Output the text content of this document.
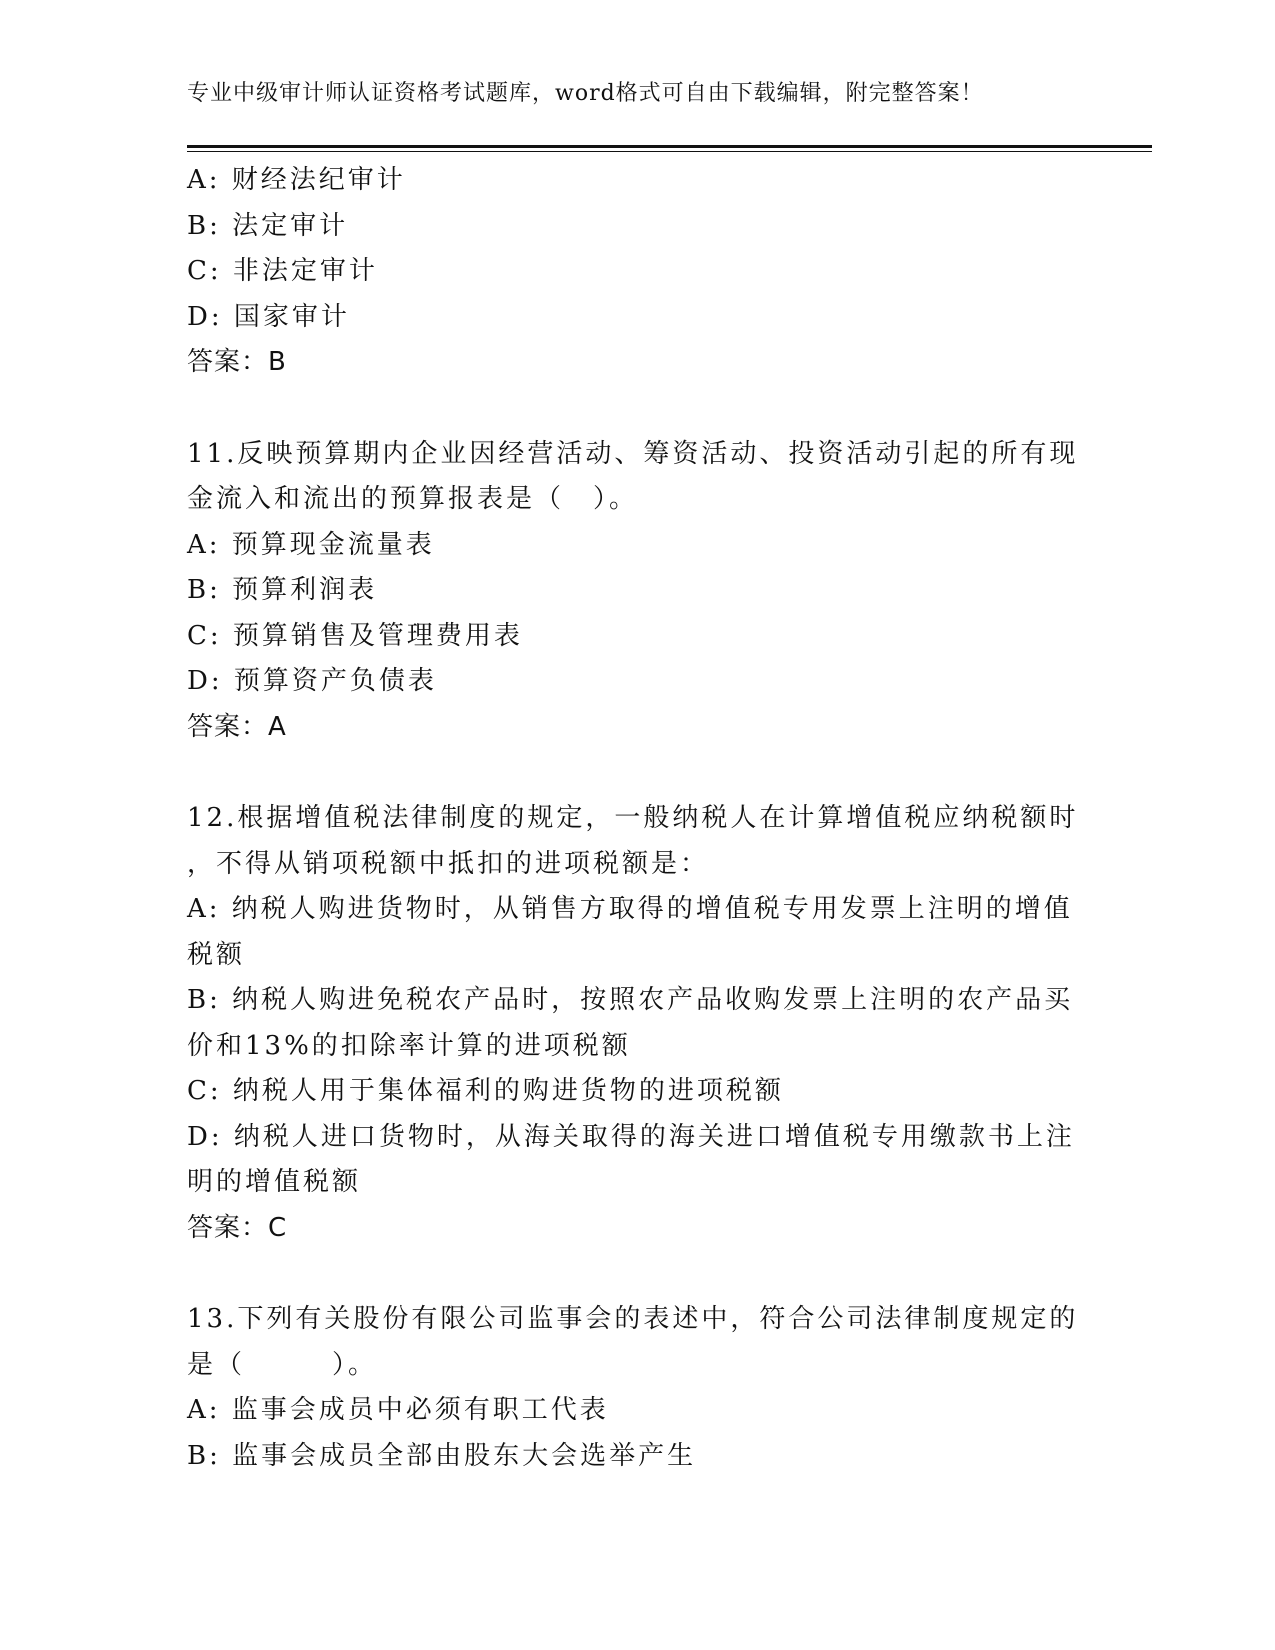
专业中级审计师认证资格考试题库，word格式可自由下载编辑，附完整答案！
A: 财经法纪审计
B: 法定审计
C: 非法定审计
D: 国家审计
答案：B
11.反映预算期内企业因经营活动、筹资活动、投资活动引起的所有现
金流入和流出的预算报表是（　）。
A: 预算现金流量表
B: 预算利润表
C: 预算销售及管理费用表
D: 预算资产负债表
答案：A
12.根据增值税法律制度的规定，一般纳税人在计算增值税应纳税额时
，不得从销项税额中抵扣的进项税额是：
A: 纳税人购进货物时，从销售方取得的增值税专用发票上注明的增值
税额
B: 纳税人购进免税农产品时，按照农产品收购发票上注明的农产品买
价和13%的扣除率计算的进项税额
C: 纳税人用于集体福利的购进货物的进项税额
D: 纳税人进口货物时，从海关取得的海关进口增值税专用缴款书上注
明的增值税额
答案：C
13.下列有关股份有限公司监事会的表述中，符合公司法律制度规定的
是（　　　）。
A: 监事会成员中必须有职工代表
B: 监事会成员全部由股东大会选举产生
